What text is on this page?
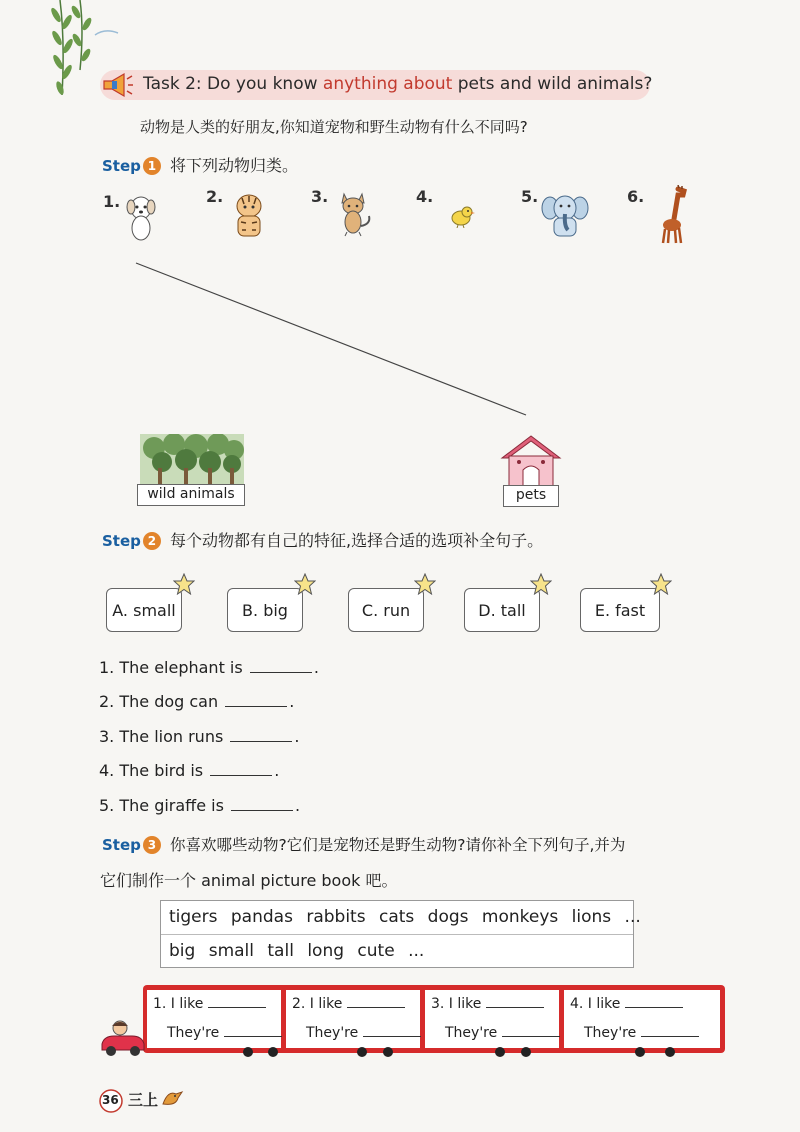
Task 2: Do you know anything about pets and wild animals?
动物是人类的好朋友,你知道宠物和野生动物有什么不同吗?
Step 1 将下列动物归类。
1.	2.	3.	4.	5.	6.
wild animals	pets
Step 2 每个动物都有自己的特征,选择合适的选项补全句子。
A. small	B. big	C. run	D. tall	E. fast
1. The elephant is	.
2. The dog can	.
3. The lion runs	.
4. The bird is	.
5. The giraffe is	.
Step 3 你喜欢哪些动物?它们是宠物还是野生动物?请你补全下列句子,并为
它们制作一个 animal picture book 吧。
tigers pandas rabbits cats dogs monkeys lions ...
big small tall long cute ...
1. I like
They're
2. I like
They're
3. I like
They're
4. I like
They're
36 三上
